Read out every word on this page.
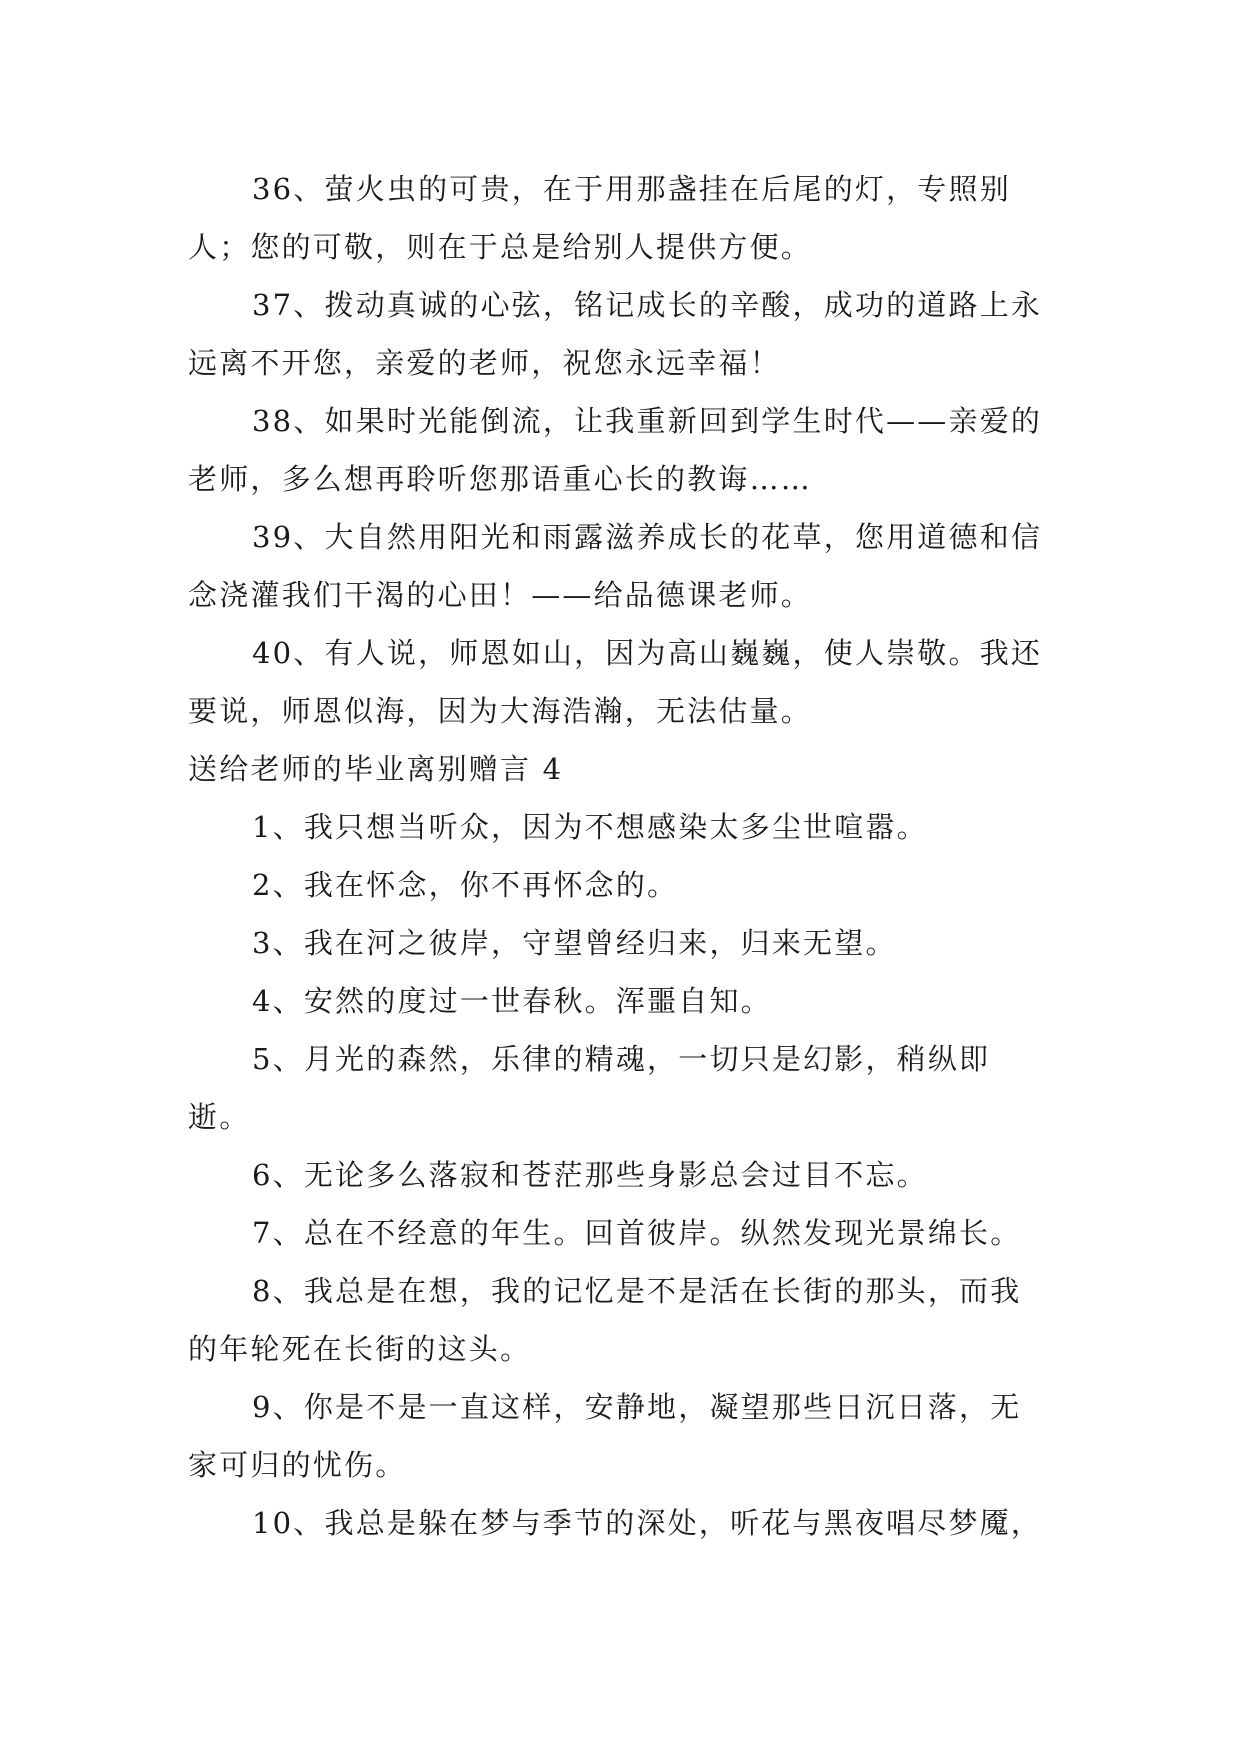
36、萤火虫的可贵，在于用那盏挂在后尾的灯，专照别人；您的可敬，则在于总是给别人提供方便。

37、拨动真诚的心弦，铭记成长的辛酸，成功的道路上永远离不开您，亲爱的老师，祝您永远幸福！

38、如果时光能倒流，让我重新回到学生时代——亲爱的老师，多么想再聆听您那语重心长的教诲……

39、大自然用阳光和雨露滋养成长的花草，您用道德和信念浇灌我们干渴的心田！——给品德课老师。

40、有人说，师恩如山，因为高山巍巍，使人崇敬。我还要说，师恩似海，因为大海浩瀚，无法估量。

送给老师的毕业离别赠言 4

1、我只想当听众，因为不想感染太多尘世喧嚣。

2、我在怀念，你不再怀念的。

3、我在河之彼岸，守望曾经归来，归来无望。

4、安然的度过一世春秋。浑噩自知。

5、月光的森然，乐律的精魂，一切只是幻影，稍纵即逝。

6、无论多么落寂和苍茫那些身影总会过目不忘。

7、总在不经意的年生。回首彼岸。纵然发现光景绵长。

8、我总是在想，我的记忆是不是活在长街的那头，而我的年轮死在长街的这头。

9、你是不是一直这样，安静地，凝望那些日沉日落，无家可归的忧伤。

10、我总是躲在梦与季节的深处，听花与黑夜唱尽梦魇，
